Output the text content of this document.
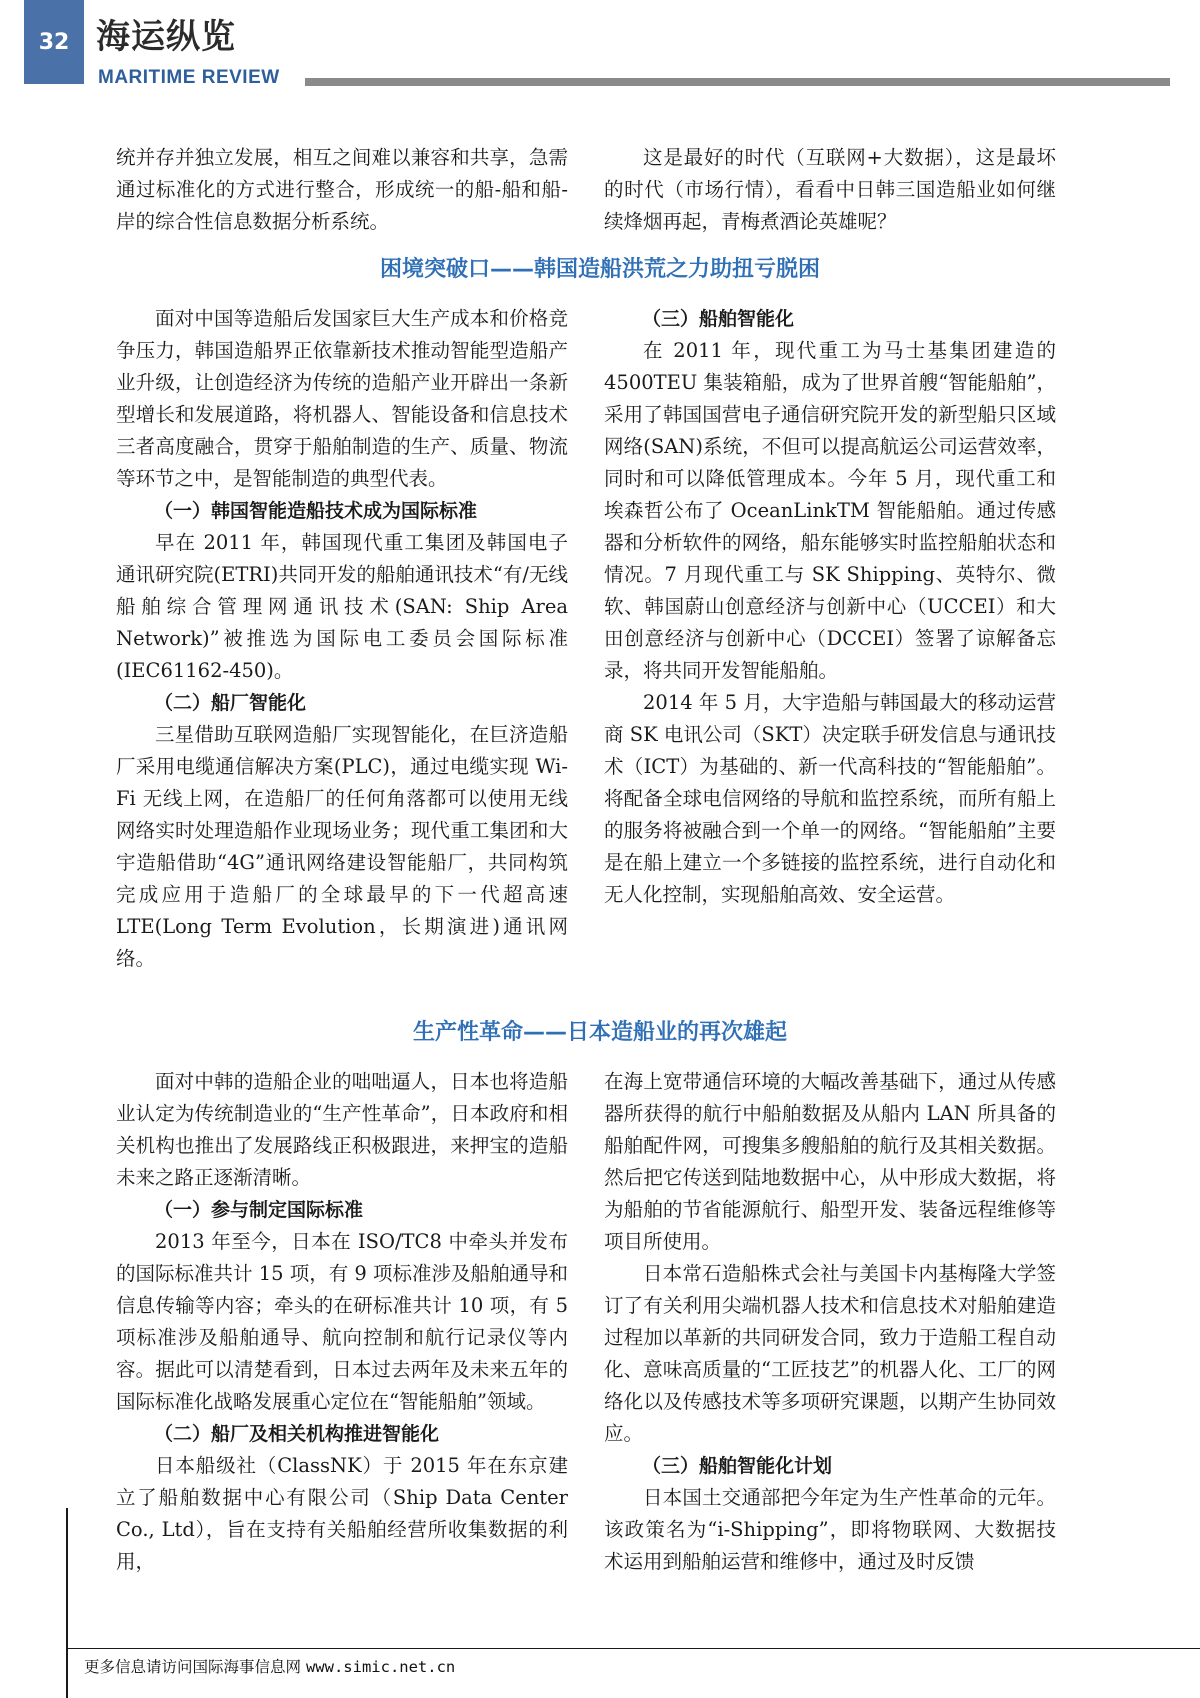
32 海运纵览
MARITIME REVIEW

统并存并独立发展，相互之间难以兼容和共享，急需通过标准化的方式进行整合，形成统一的船-船和船-岸的综合性信息数据分析系统。

这是最好的时代（互联网+大数据），这是最坏的时代（市场行情），看看中日韩三国造船业如何继续烽烟再起，青梅煮酒论英雄呢？

困境突破口——韩国造船洪荒之力助扭亏脱困

面对中国等造船后发国家巨大生产成本和价格竞争压力，韩国造船界正依靠新技术推动智能型造船产业升级，让创造经济为传统的造船产业开辟出一条新型增长和发展道路，将机器人、智能设备和信息技术三者高度融合，贯穿于船舶制造的生产、质量、物流等环节之中，是智能制造的典型代表。

（一）韩国智能造船技术成为国际标准

早在 2011 年，韩国现代重工集团及韩国电子通讯研究院(ETRI)共同开发的船舶通讯技术“有/无线船舶综合管理网通讯技术(SAN: Ship Area Network)”被推选为国际电工委员会国际标准(IEC61162-450)。

（二）船厂智能化

三星借助互联网造船厂实现智能化，在巨济造船厂采用电缆通信解决方案(PLC)，通过电缆实现 Wi-Fi 无线上网，在造船厂的任何角落都可以使用无线网络实时处理造船作业现场业务；现代重工集团和大宇造船借助“4G”通讯网络建设智能船厂，共同构筑完成应用于造船厂的全球最早的下一代超高速 LTE(Long Term Evolution，长期演进)通讯网络。

（三）船舶智能化

在 2011 年，现代重工为马士基集团建造的 4500TEU 集装箱船，成为了世界首艘“智能船舶”，采用了韩国国营电子通信研究院开发的新型船只区域网络(SAN)系统，不但可以提高航运公司运营效率，同时和可以降低管理成本。今年 5 月，现代重工和埃森哲公布了 OceanLinkTM 智能船舶。通过传感器和分析软件的网络，船东能够实时监控船舶状态和情况。7 月现代重工与 SK Shipping、英特尔、微软、韩国蔚山创意经济与创新中心（UCCEI）和大田创意经济与创新中心（DCCEI）签署了谅解备忘录，将共同开发智能船舶。

2014 年 5 月，大宇造船与韩国最大的移动运营商 SK 电讯公司（SKT）决定联手研发信息与通讯技术（ICT）为基础的、新一代高科技的“智能船舶”。将配备全球电信网络的导航和监控系统，而所有船上的服务将被融合到一个单一的网络。“智能船舶”主要是在船上建立一个多链接的监控系统，进行自动化和无人化控制，实现船舶高效、安全运营。

生产性革命——日本造船业的再次雄起

面对中韩的造船企业的咄咄逼人，日本也将造船业认定为传统制造业的“生产性革命”，日本政府和相关机构也推出了发展路线正积极跟进，来押宝的造船未来之路正逐渐清晰。

（一）参与制定国际标准

2013 年至今，日本在 ISO/TC8 中牵头并发布的国际标准共计 15 项，有 9 项标准涉及船舶通导和信息传输等内容；牵头的在研标准共计 10 项，有 5 项标准涉及船舶通导、航向控制和航行记录仪等内容。据此可以清楚看到，日本过去两年及未来五年的国际标准化战略发展重心定位在“智能船舶”领域。

（二）船厂及相关机构推进智能化

日本船级社（ClassNK）于 2015 年在东京建立了船舶数据中心有限公司（Ship Data Center Co., Ltd），旨在支持有关船舶经营所收集数据的利用，

在海上宽带通信环境的大幅改善基础下，通过从传感器所获得的航行中船舶数据及从船内 LAN 所具备的船舶配件网，可搜集多艘船舶的航行及其相关数据。然后把它传送到陆地数据中心，从中形成大数据，将为船舶的节省能源航行、船型开发、装备远程维修等项目所使用。

日本常石造船株式会社与美国卡内基梅隆大学签订了有关利用尖端机器人技术和信息技术对船舶建造过程加以革新的共同研发合同，致力于造船工程自动化、意味高质量的“工匠技艺”的机器人化、工厂的网络化以及传感技术等多项研究课题，以期产生协同效应。

（三）船舶智能化计划

日本国土交通部把今年定为生产性革命的元年。该政策名为“i-Shipping”，即将物联网、大数据技术运用到船舶运营和维修中，通过及时反馈

更多信息请访问国际海事信息网 www.simic.net.cn
